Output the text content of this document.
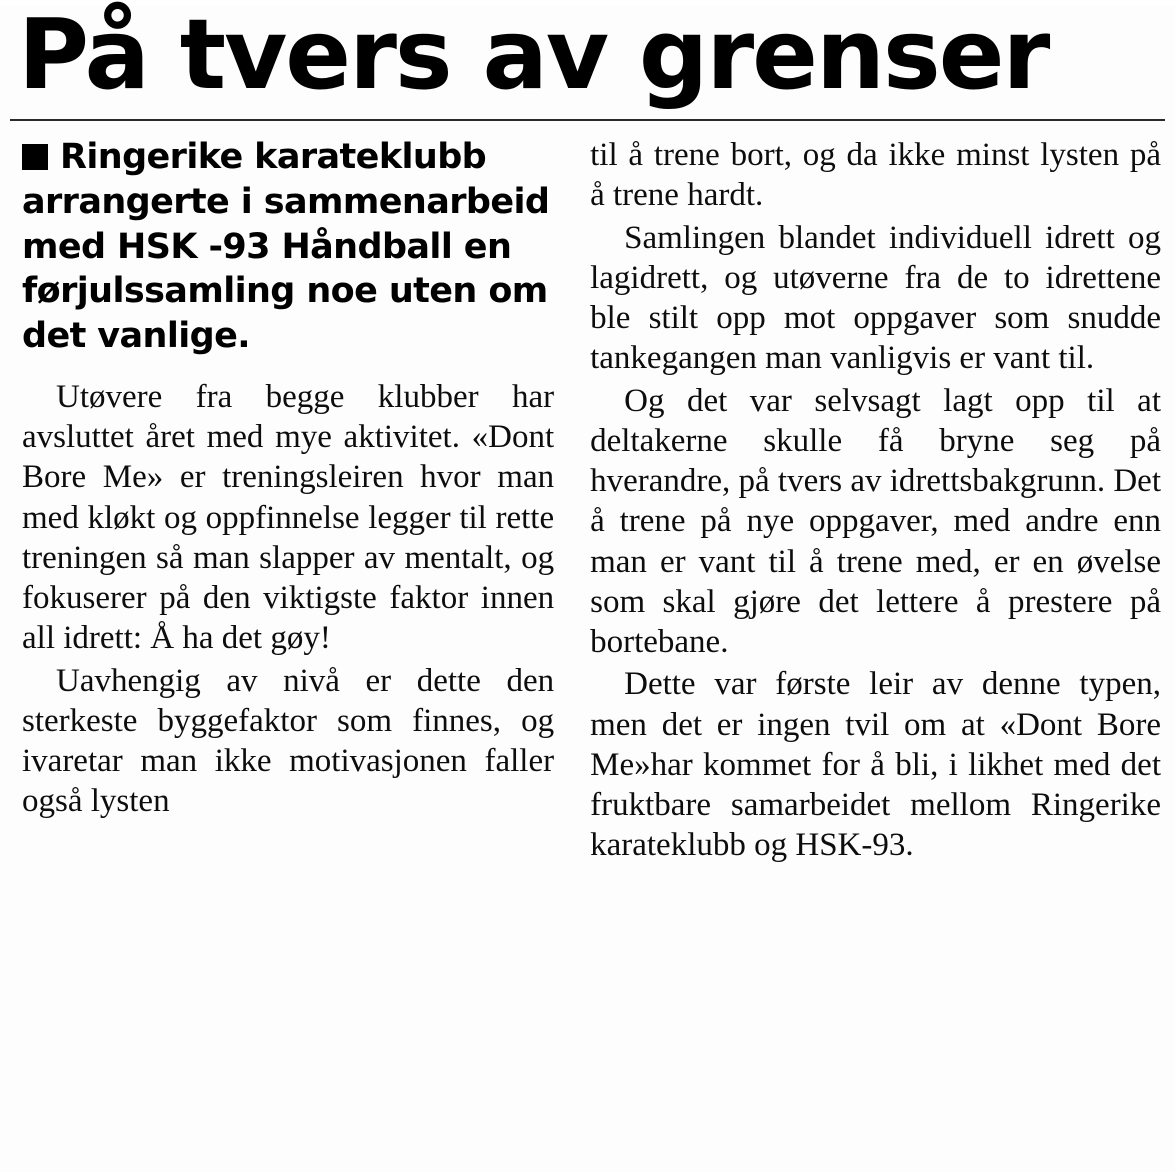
På tvers av grenser

Ringerike karateklubb arrangerte i sammenarbeid med HSK -93 Håndball en førjulssamling noe uten om det vanlige.

Utøvere fra begge klubber har avsluttet året med mye aktivitet. «Dont Bore Me» er treningsleiren hvor man med kløkt og oppfinnelse legger til rette treningen så man slapper av mentalt, og fokuserer på den viktigste faktor innen all idrett: Å ha det gøy!

Uavhengig av nivå er dette den sterkeste byggefaktor som finnes, og ivaretar man ikke motivasjonen faller også lysten

til å trene bort, og da ikke minst lysten på å trene hardt.

Samlingen blandet individuell idrett og lagidrett, og utøverne fra de to idrettene ble stilt opp mot oppgaver som snudde tankegangen man vanligvis er vant til.

Og det var selvsagt lagt opp til at deltakerne skulle få bryne seg på hverandre, på tvers av idrettsbakgrunn. Det å trene på nye oppgaver, med andre enn man er vant til å trene med, er en øvelse som skal gjøre det lettere å prestere på bortebane.

Dette var første leir av denne typen, men det er ingen tvil om at «Dont Bore Me»har kommet for å bli, i likhet med det fruktbare samarbeidet mellom Ringerike karateklubb og HSK-93.
